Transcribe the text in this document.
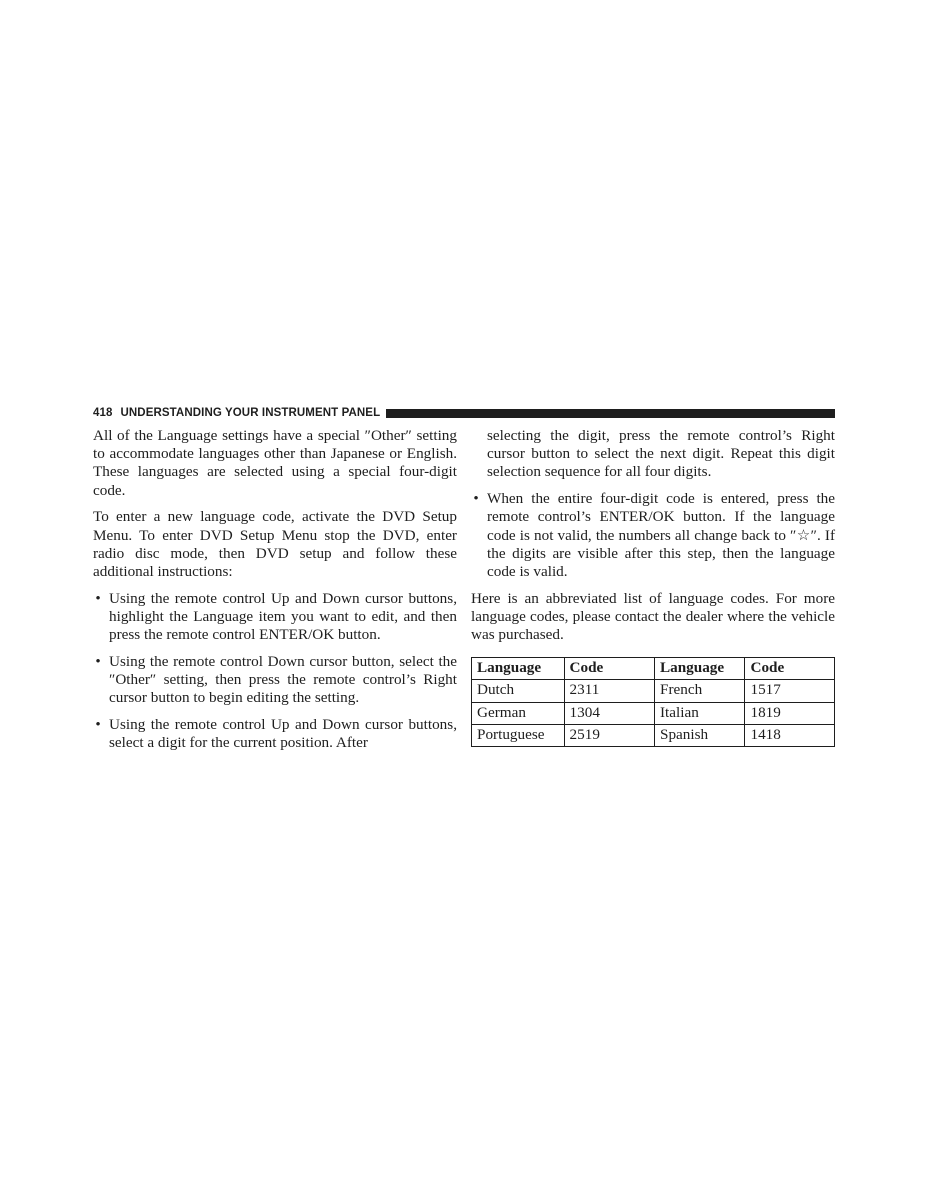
418 UNDERSTANDING YOUR INSTRUMENT PANEL

All of the Language settings have a special ″Other″ setting to accommodate languages other than Japanese or English. These languages are selected using a special four-digit code.

To enter a new language code, activate the DVD Setup Menu. To enter DVD Setup Menu stop the DVD, enter radio disc mode, then DVD setup and follow these additional instructions:

• Using the remote control Up and Down cursor buttons, highlight the Language item you want to edit, and then press the remote control ENTER/OK button.
• Using the remote control Down cursor button, select the ″Other″ setting, then press the remote control’s Right cursor button to begin editing the setting.
• Using the remote control Up and Down cursor buttons, select a digit for the current position. After
selecting the digit, press the remote control’s Right cursor button to select the next digit. Repeat this digit selection sequence for all four digits.
• When the entire four-digit code is entered, press the remote control’s ENTER/OK button. If the language code is not valid, the numbers all change back to ″☆″. If the digits are visible after this step, then the language code is valid.

Here is an abbreviated list of language codes. For more language codes, please contact the dealer where the vehicle was purchased.

Language	Code	Language	Code
Dutch	2311	French	1517
German	1304	Italian	1819
Portuguese	2519	Spanish	1418
